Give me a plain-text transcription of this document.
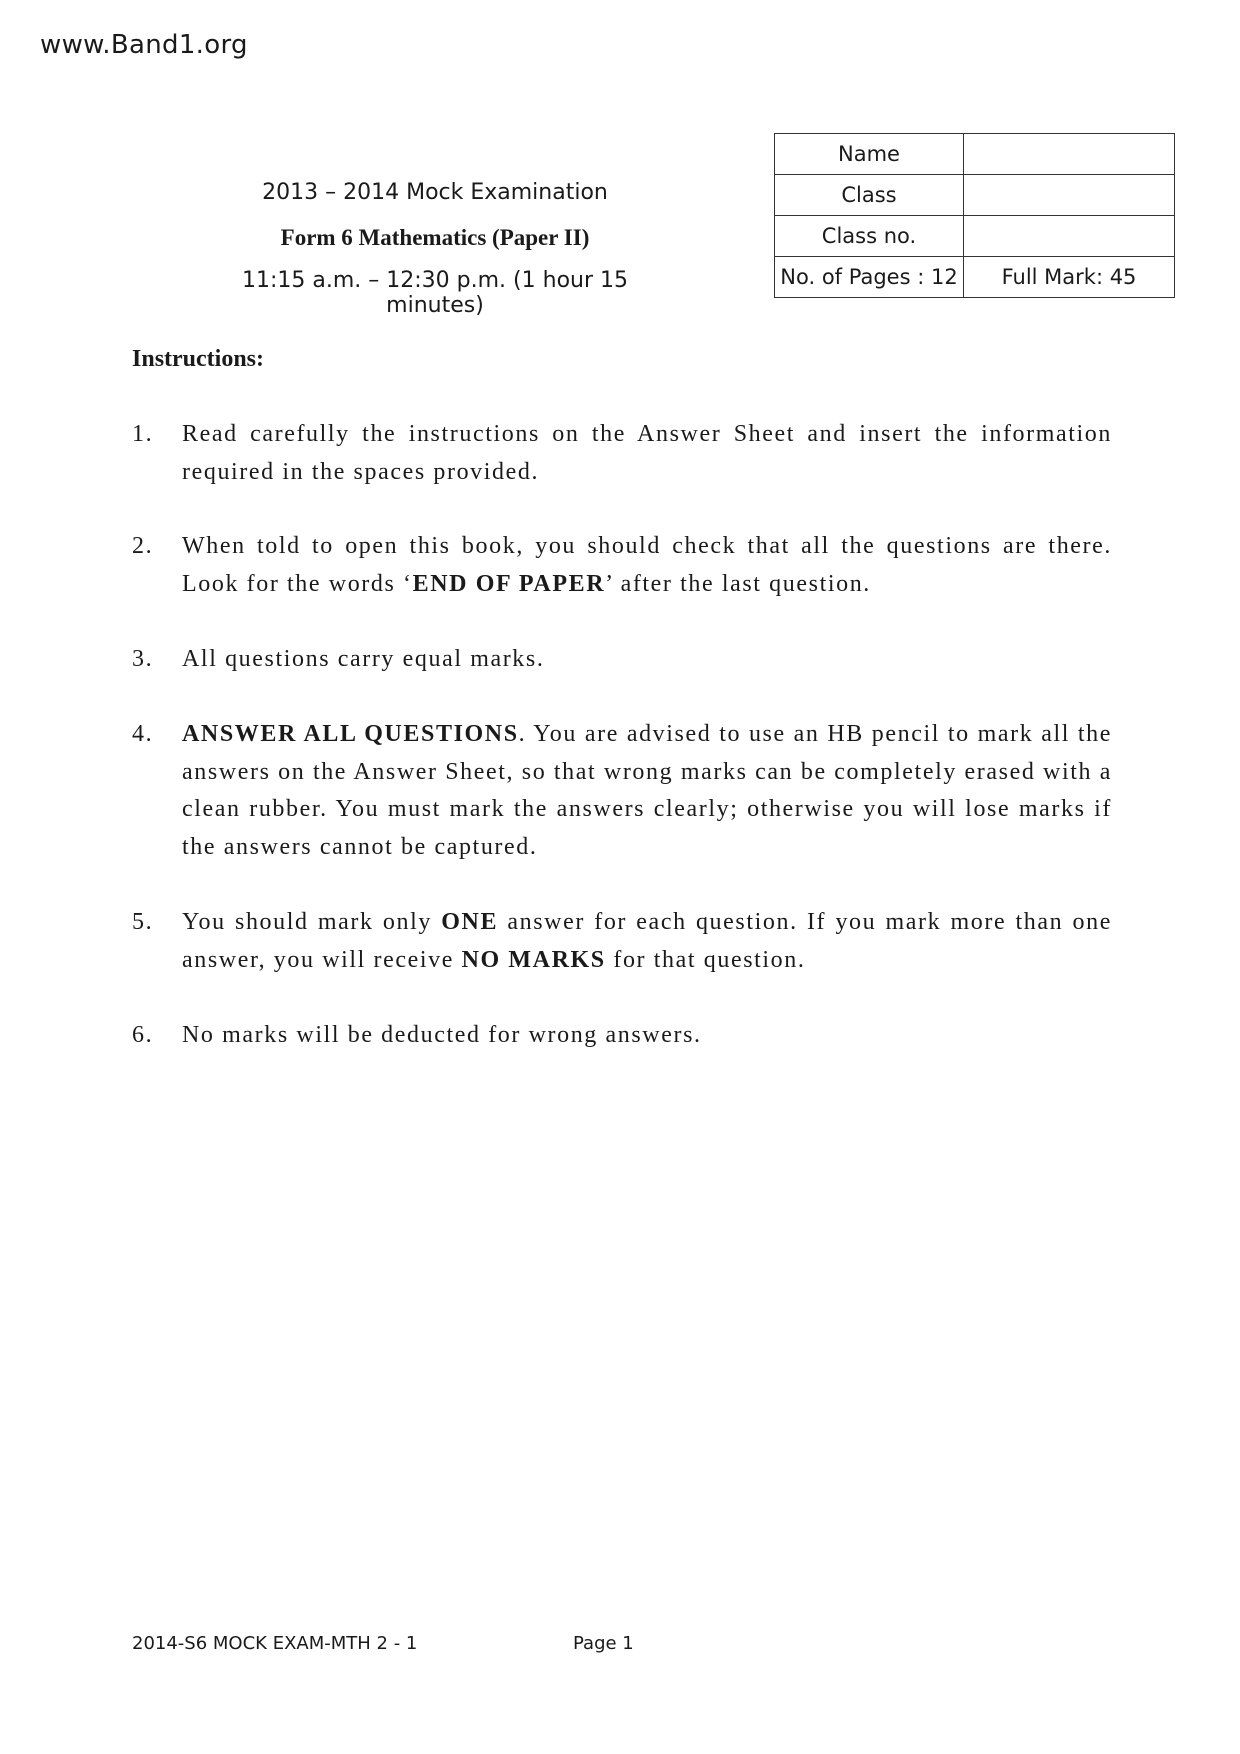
www.Band1.org
2013 – 2014 Mock Examination
Form 6 Mathematics (Paper II)
11:15 a.m. – 12:30 p.m. (1 hour 15 minutes)
Name	
Class	
Class no.	
No. of Pages : 12	Full Mark: 45
Instructions:
1. Read carefully the instructions on the Answer Sheet and insert the information required in the spaces provided.
2. When told to open this book, you should check that all the questions are there. Look for the words ‘END OF PAPER’ after the last question.
3. All questions carry equal marks.
4. ANSWER ALL QUESTIONS. You are advised to use an HB pencil to mark all the answers on the Answer Sheet, so that wrong marks can be completely erased with a clean rubber. You must mark the answers clearly; otherwise you will lose marks if the answers cannot be captured.
5. You should mark only ONE answer for each question. If you mark more than one answer, you will receive NO MARKS for that question.
6. No marks will be deducted for wrong answers.
2014-S6 MOCK EXAM-MTH 2 - 1	Page 1
